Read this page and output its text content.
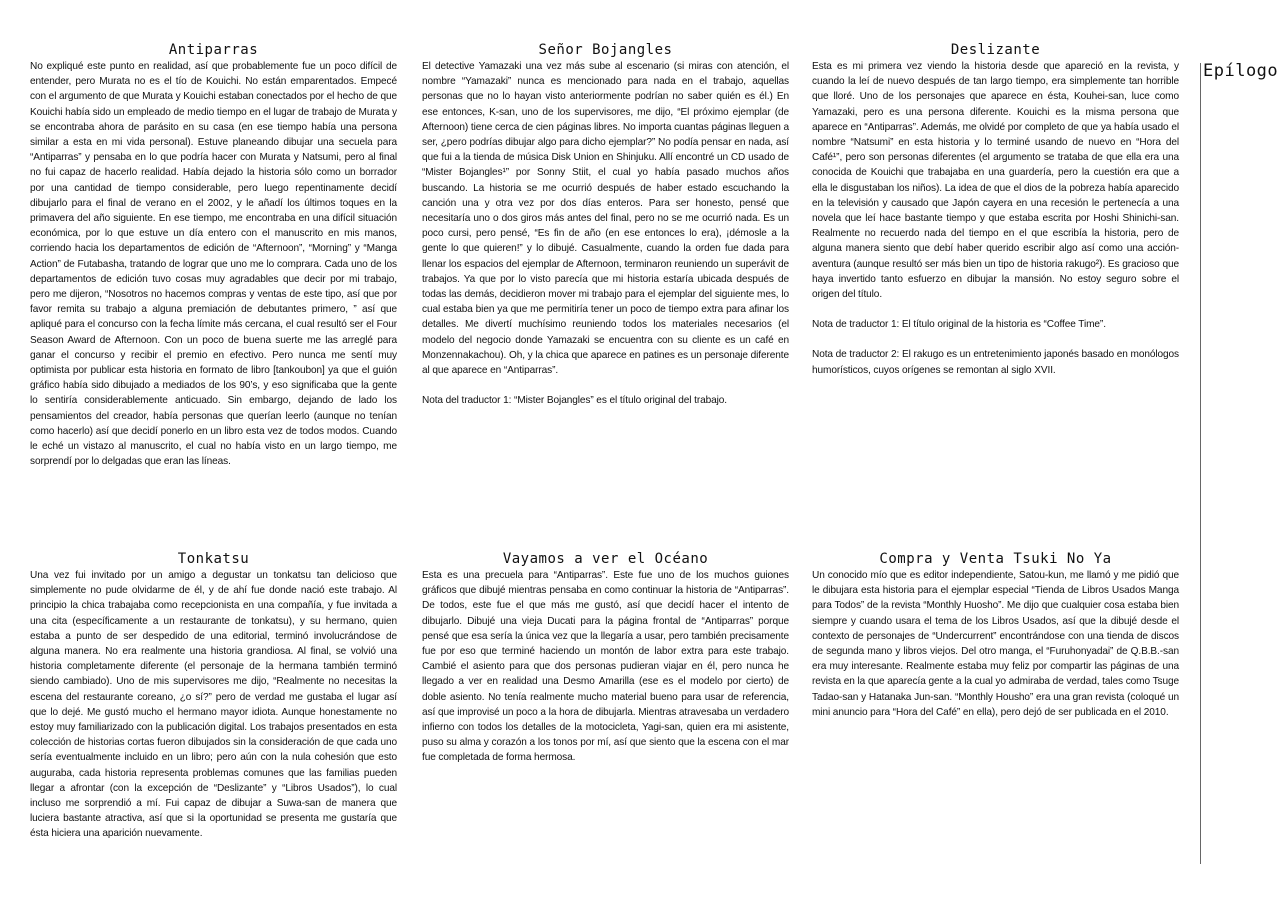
Antiparras

No expliqué este punto en realidad, así que probablemente fue un poco difícil de entender, pero Murata no es el tío de Kouichi. No están emparentados. Empecé con el argumento de que Murata y Kouichi estaban conectados por el hecho de que Kouichi había sido un empleado de medio tiempo en el lugar de trabajo de Murata y se encontraba ahora de parásito en su casa (en ese tiempo había una persona similar a esta en mi vida personal). Estuve planeando dibujar una secuela para “Antiparras” y pensaba en lo que podría hacer con Murata y Natsumi, pero al final no fui capaz de hacerlo realidad. Había dejado la historia sólo como un borrador por una cantidad de tiempo considerable, pero luego repentinamente decidí dibujarlo para el final de verano en el 2002, y le añadí los últimos toques en la primavera del año siguiente. En ese tiempo, me encontraba en una difícil situación económica, por lo que estuve un día entero con el manuscrito en mis manos, corriendo hacia los departamentos de edición de “Afternoon”, “Morning” y “Manga Action” de Futabasha, tratando de lograr que uno me lo comprara. Cada uno de los departamentos de edición tuvo cosas muy agradables que decir por mi trabajo, pero me dijeron, “Nosotros no hacemos compras y ventas de este tipo, así que por favor remita su trabajo a alguna premiación de debutantes primero, ” así que apliqué para el concurso con la fecha límite más cercana, el cual resultó ser el Four Season Award de Afternoon. Con un poco de buena suerte me las arreglé para ganar el concurso y recibir el premio en efectivo. Pero nunca me sentí muy optimista por publicar esta historia en formato de libro [tankoubon] ya que el guión gráfico había sido dibujado a mediados de los 90’s, y eso significaba que la gente lo sentiría considerablemente anticuado. Sin embargo, dejando de lado los pensamientos del creador, había personas que querían leerlo (aunque no tenían como hacerlo) así que decidí ponerlo en un libro esta vez de todos modos. Cuando le eché un vistazo al manuscrito, el cual no había visto en un largo tiempo, me sorprendí por lo delgadas que eran las líneas.

Señor Bojangles

El detective Yamazaki una vez más sube al escenario (si miras con atención, el nombre “Yamazaki” nunca es mencionado para nada en el trabajo, aquellas personas que no lo hayan visto anteriormente podrían no saber quién es él.) En ese entonces, K-san, uno de los supervisores, me dijo, “El próximo ejemplar (de Afternoon) tiene cerca de cien páginas libres. No importa cuantas páginas lleguen a ser, ¿pero podrías dibujar algo para dicho ejemplar?” No podía pensar en nada, así que fui a la tienda de música Disk Union en Shinjuku. Allí encontré un CD usado de “Mister Bojangles¹” por Sonny Stiit, el cual yo había pasado muchos años buscando. La historia se me ocurrió después de haber estado escuchando la canción una y otra vez por dos días enteros. Para ser honesto, pensé que necesitaría uno o dos giros más antes del final, pero no se me ocurrió nada. Es un poco cursi, pero pensé, “Es fin de año (en ese entonces lo era), ¡démosle a la gente lo que quieren!” y lo dibujé. Casualmente, cuando la orden fue dada para llenar los espacios del ejemplar de Afternoon, terminaron reuniendo un superávit de trabajos. Ya que por lo visto parecía que mi historia estaría ubicada después de todas las demás, decidieron mover mi trabajo para el ejemplar del siguiente mes, lo cual estaba bien ya que me permitiría tener un poco de tiempo extra para afinar los detalles. Me divertí muchísimo reuniendo todos los materiales necesarios (el modelo del negocio donde Yamazaki se encuentra con su cliente es un café en Monzennakachou). Oh, y la chica que aparece en patines es un personaje diferente al que aparece en “Antiparras”.

Nota del traductor 1: “Mister Bojangles” es el título original del trabajo.

Deslizante

Esta es mi primera vez viendo la historia desde que apareció en la revista, y cuando la leí de nuevo después de tan largo tiempo, era simplemente tan horrible que lloré. Uno de los personajes que aparece en ésta, Kouhei-san, luce como Yamazaki, pero es una persona diferente. Kouichi es la misma persona que aparece en “Antiparras”. Además, me olvidé por completo de que ya había usado el nombre “Natsumi” en esta historia y lo terminé usando de nuevo en “Hora del Café¹”, pero son personas diferentes (el argumento se trataba de que ella era una conocida de Kouichi que trabajaba en una guardería, pero la cuestión era que a ella le disgustaban los niños). La idea de que el dios de la pobreza había aparecido en la televisión y causado que Japón cayera en una recesión le pertenecía a una novela que leí hace bastante tiempo y que estaba escrita por Hoshi Shinichi-san. Realmente no recuerdo nada del tiempo en el que escribía la historia, pero de alguna manera siento que debí haber querido escribir algo así como una acción-aventura (aunque resultó ser más bien un tipo de historia rakugo²). Es gracioso que haya invertido tanto esfuerzo en dibujar la mansión. No estoy seguro sobre el origen del título.

Nota de traductor 1: El título original de la historia es “Coffee Time”.

Nota de traductor 2: El rakugo es un entretenimiento japonés basado en monólogos humorísticos, cuyos orígenes se remontan al siglo XVII.

Tonkatsu

Una vez fui invitado por un amigo a degustar un tonkatsu tan delicioso que simplemente no pude olvidarme de él, y de ahí fue donde nació este trabajo. Al principio la chica trabajaba como recepcionista en una compañía, y fue invitada a una cita (específicamente a un restaurante de tonkatsu), y su hermano, quien estaba a punto de ser despedido de una editorial, terminó involucrándose de alguna manera. No era realmente una historia grandiosa. Al final, se volvió una historia completamente diferente (el personaje de la hermana también terminó siendo cambiado). Uno de mis supervisores me dijo, “Realmente no necesitas la escena del restaurante coreano, ¿o sí?” pero de verdad me gustaba el lugar así que lo dejé. Me gustó mucho el hermano mayor idiota. Aunque honestamente no estoy muy familiarizado con la publicación digital. Los trabajos presentados en esta colección de historias cortas fueron dibujados sin la consideración de que cada uno sería eventualmente incluido en un libro; pero aún con la nula cohesión que esto auguraba, cada historia representa problemas comunes que las familias pueden llegar a afrontar (con la excepción de “Deslizante” y “Libros Usados”), lo cual incluso me sorprendió a mí. Fui capaz de dibujar a Suwa-san de manera que luciera bastante atractiva, así que si la oportunidad se presenta me gustaría que ésta hiciera una aparición nuevamente.

Vayamos a ver el Océano

Esta es una precuela para “Antiparras”. Este fue uno de los muchos guiones gráficos que dibujé mientras pensaba en como continuar la historia de “Antiparras”. De todos, este fue el que más me gustó, así que decidí hacer el intento de dibujarlo. Dibujé una vieja Ducati para la página frontal de “Antiparras” porque pensé que esa sería la única vez que la llegaría a usar, pero también precisamente fue por eso que terminé haciendo un montón de labor extra para este trabajo. Cambié el asiento para que dos personas pudieran viajar en él, pero nunca he llegado a ver en realidad una Desmo Amarilla (ese es el modelo por cierto) de doble asiento. No tenía realmente mucho material bueno para usar de referencia, así que improvisé un poco a la hora de dibujarla. Mientras atravesaba un verdadero infierno con todos los detalles de la motocicleta, Yagi-san, quien era mi asistente, puso su alma y corazón a los tonos por mí, así que siento que la escena con el mar fue completada de forma hermosa.

Compra y Venta Tsuki No Ya

Un conocido mío que es editor independiente, Satou-kun, me llamó y me pidió que le dibujara esta historia para el ejemplar especial “Tienda de Libros Usados Manga para Todos” de la revista “Monthly Huosho”. Me dijo que cualquier cosa estaba bien siempre y cuando usara el tema de los Libros Usados, así que la dibujé desde el contexto de personajes de “Undercurrent” encontrándose con una tienda de discos de segunda mano y libros viejos. Del otro manga, el “Furuhonyadai” de Q.B.B.-san era muy interesante. Realmente estaba muy feliz por compartir las páginas de una revista en la que aparecía gente a la cual yo admiraba de verdad, tales como Tsuge Tadao-san y Hatanaka Jun-san. “Monthly Housho” era una gran revista (coloqué un mini anuncio para “Hora del Café” en ella), pero dejó de ser publicada en el 2010.

Epílogo
